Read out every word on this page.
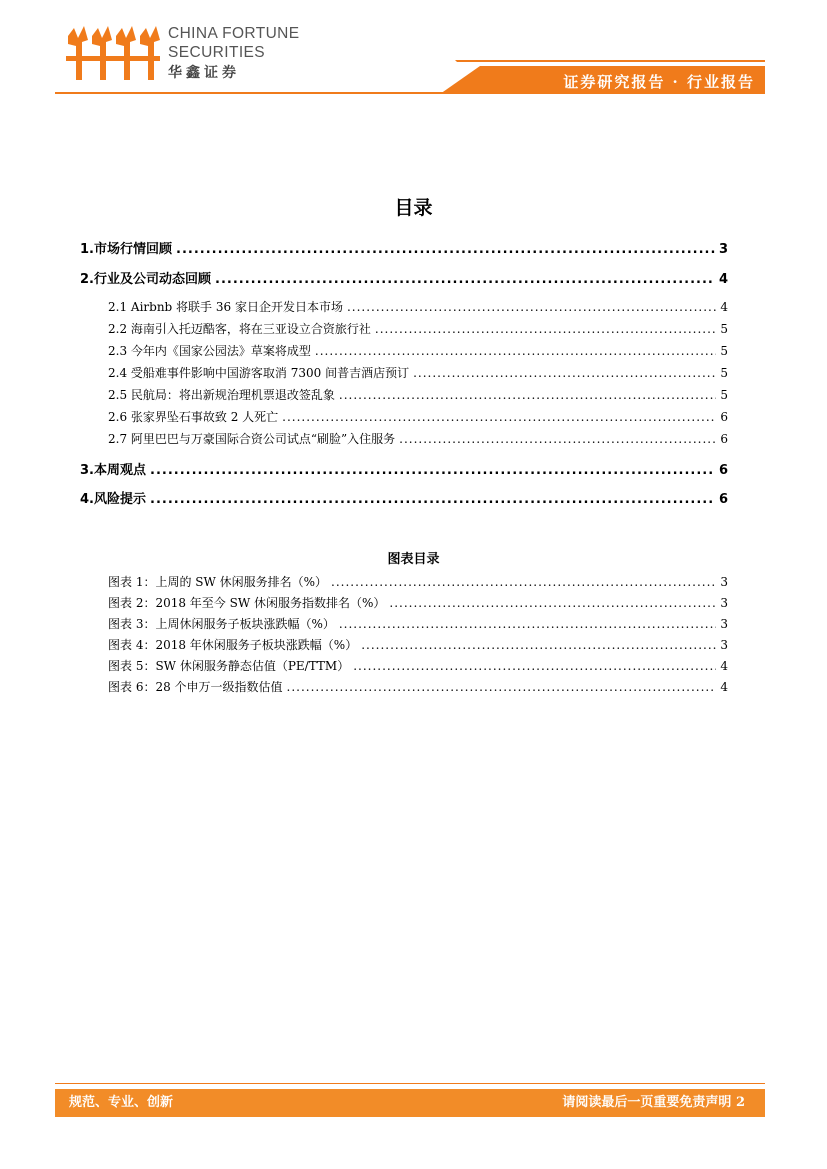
CHINA FORTUNE
SECURITIES
华鑫证券
证券研究报告 · 行业报告
目录
1. 市场行情回顾 .....	3
2. 行业及公司动态回顾 .....	4
2.1 Airbnb 将联手 36 家日企开发日本市场 .....	4
2.2 海南引入托迈酷客，将在三亚设立合资旅行社 .....	5
2.3 今年内《国家公园法》草案将成型 .....	5
2.4 受船难事件影响中国游客取消 7300 间普吉酒店预订 .....	5
2.5 民航局：将出新规治理机票退改签乱象 .....	5
2.6 张家界坠石事故致 2 人死亡 .....	6
2.7 阿里巴巴与万豪国际合资公司试点“刷脸”入住服务 .....	6
3. 本周观点 .....	6
4. 风险提示 .....	6
图表目录
图表 1：上周的 SW 休闲服务排名（%） .....	3
图表 2：2018 年至今 SW 休闲服务指数排名（%） .....	3
图表 3：上周休闲服务子板块涨跌幅（%） .....	3
图表 4：2018 年休闲服务子板块涨跌幅（%） .....	3
图表 5：SW 休闲服务静态估值（PE/TTM） .....	4
图表 6：28 个申万一级指数估值 .....	4
规范、专业、创新	请阅读最后一页重要免责声明 2
